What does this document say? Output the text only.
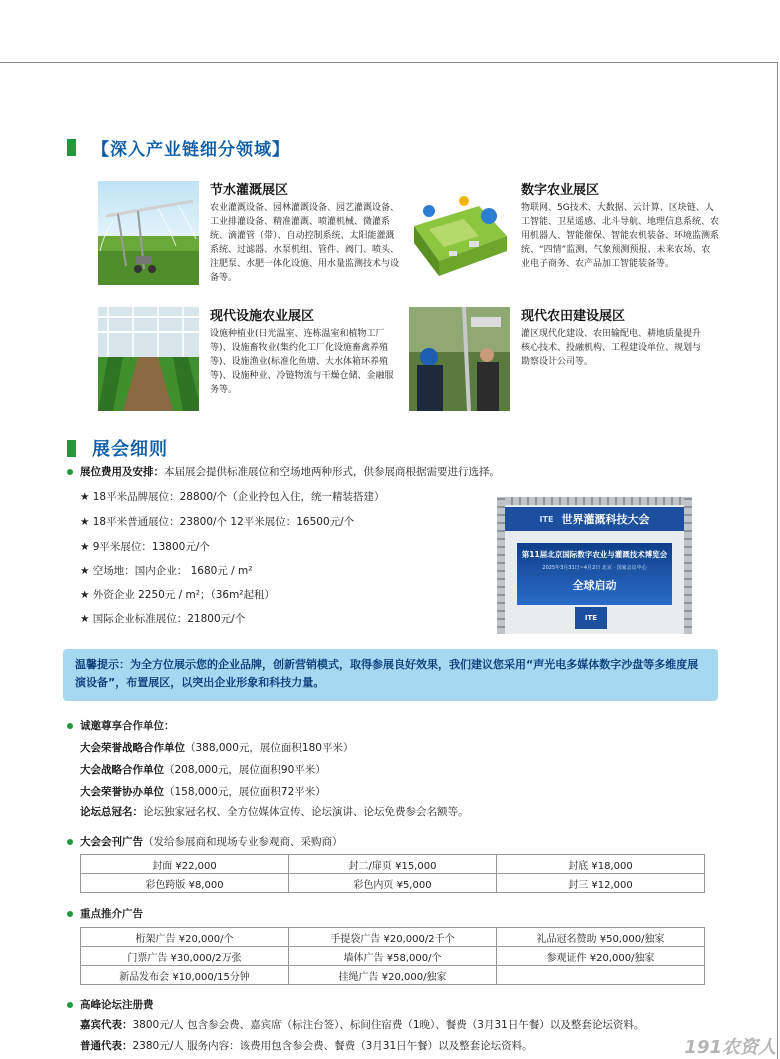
【深入产业链细分领域】
节水灌溉展区
农业灌溉设备、园林灌溉设备、园艺灌溉设备、工业排灌设备、精准灌溉、喷灌机械、微灌系统、滴灌管（带）、自动控制系统、太阳能灌溉系统、过滤器、水泵机组、管件、阀门、喷头、注肥泵、水肥一体化设施、用水量监测技术与设备等。
数字农业展区
物联网、5G技术、大数据、云计算、区块链、人工智能、卫星遥感、北斗导航、地理信息系统、农用机器人、智能催保、智能农机装备、环境监测系统、“四情”监测、气象预测预报、未来农场、农业电子商务、农产品加工智能装备等。
现代设施农业展区
设施种植业(日光温室、连栋温室和植物工厂等)、设施畜牧业(集约化工厂化设施畜禽养殖等)、设施渔业(标准化鱼塘、大水体箱环养殖等)、设施种业、冷链物流与干燥仓储、金融服务等。
现代农田建设展区
灌区现代化建设、农田输配电、耕地质量提升核心技术、投融机构、工程建设单位、规划与勘察设计公司等。
展会细则
展位费用及安排：本届展会提供标准展位和空场地两种形式，供参展商根据需要进行选择。
★ 18平米品牌展位：28800/个（企业拎包入住，统一精装搭建）
★ 18平米普通展位：23800/个 12平米展位：16500元/个
★ 9平米展位：13800元/个
★ 空场地：国内企业： 1680元 / m²
★ 外资企业 2250元 / m²；（36m²起租）
★ 国际企业标准展位：21800元/个
ITE 世界灌溉科技大会
第11届北京国际数字农业与灌溉技术博览会
2025年3月31日~4月2日 北京 · 国家会议中心
全球启动
ITE
温馨提示：为全方位展示您的企业品牌，创新营销模式，取得参展良好效果，我们建议您采用“声光电多媒体数字沙盘等多维度展演设备”，布置展区，以突出企业形象和科技力量。
诚邀尊享合作单位：
大会荣誉战略合作单位（388,000元，展位面积180平米）
大会战略合作单位（208,000元，展位面积90平米）
大会荣誉协办单位（158,000元，展位面积72平米）
论坛总冠名：论坛独家冠名权、全方位媒体宣传、论坛演讲、论坛免费参会名额等。
大会会刊广告（发给参展商和现场专业参观商、采购商）
封面 ¥22,000	封二/扉页 ¥15,000	封底 ¥18,000
彩色跨版 ¥8,000	彩色内页 ¥5,000	封三 ¥12,000
重点推介广告
桁架广告 ¥20,000/个	手提袋广告 ¥20,000/2千个	礼品冠名赞助 ¥50,000/独家
门票广告 ¥30,000/2万张	墙体广告 ¥58,000/个	参观证件 ¥20,000/独家
新品发布会 ¥10,000/15分钟	挂绳广告 ¥20,000/独家	
高峰论坛注册费
嘉宾代表：3800元/人 包含参会费、嘉宾席（标注台签）、标间住宿费（1晚）、餐费（3月31日午餐）以及整套论坛资料。
普通代表：2380元/人 服务内容：该费用包含参会费、餐费（3月31日午餐）以及整套论坛资料。	191农资人
